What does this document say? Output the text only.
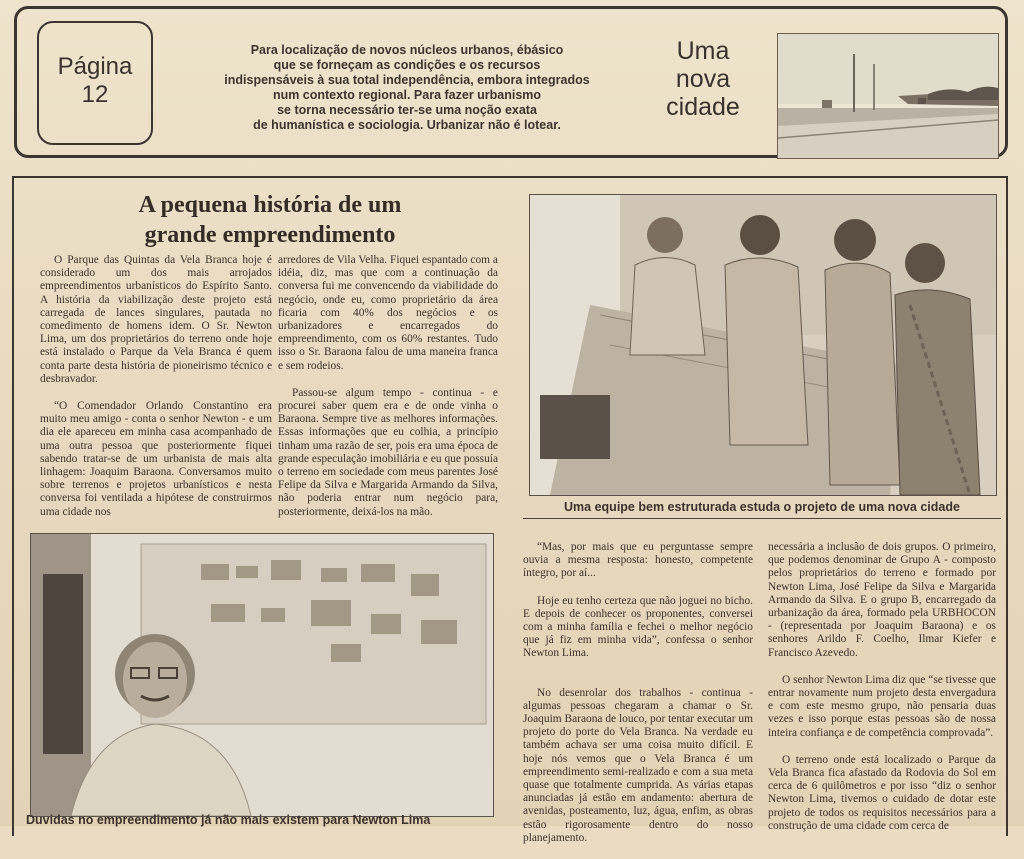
Página
12
Para localização de novos núcleos urbanos, ébásico
que se forneçam as condições e os recursos
indispensáveis à sua total independência, embora integrados
num contexto regional. Para fazer urbanismo
se torna necessário ter-se uma noção exata
de humanística e sociologia. Urbanizar não é lotear.
Uma
nova
cidade
A pequena história de um
grande empreendimento

O Parque das Quintas da Vela Branca hoje é considerado um dos mais arrojados empreendimentos urbanísticos do Espírito Santo. A história da viabilização deste projeto está carregada de lances singulares, pautada no comedimento de homens idem. O Sr. Newton Lima, um dos proprietários do terreno onde hoje está instalado o Parque da Vela Branca é quem conta parte desta história de pioneirismo técnico e desbravador.

“O Comendador Orlando Constantino era muito meu amigo - conta o senhor Newton - e um dia ele apareceu em minha casa acompanhado de uma outra pessoa que posteriormente fiquei sabendo tratar-se de um urbanista de mais alta linhagem: Joaquim Baraona. Conversamos muito sobre terrenos e projetos urbanísticos e nesta conversa foi ventilada a hipótese de construirmos uma cidade nos

arredores de Vila Velha. Fiquei espantado com a idéia, diz, mas que com a continuação da conversa fui me convencendo da viabilidade do negócio, onde eu, como proprietário da área ficaria com 40% dos negócios e os urbanizadores e encarregados do empreendimento, com os 60% restantes. Tudo isso o Sr. Baraona falou de uma maneira franca e sem rodeios.

Passou-se algum tempo - continua - e procurei saber quem era e de onde vinha o Baraona. Sempre tive as melhores informações. Essas informações que eu colhia, a princípio tinham uma razão de ser, pois era uma época de grande especulação imobiliária e eu que possuía o terreno em sociedade com meus parentes José Felipe da Silva e Margarida Armando da Silva, não poderia entrar num negócio para, posteriormente, deixá-los na mão.	Uma equipe bem estruturada estuda o projeto de uma nova cidade
Duvidas no empreendimento já não mais existem para Newton Lima

“Mas, por mais que eu perguntasse sempre ouvia a mesma resposta: honesto, competente íntegro, por aí...

Hoje eu tenho certeza que não joguei no bicho. E depois de conhecer os proponentes, conversei com a minha família e fechei o melhor negócio que já fiz em minha vida”, confessa o senhor Newton Lima.

No desenrolar dos trabalhos - continua - algumas pessoas chegaram a chamar o Sr. Joaquim Baraona de louco, por tentar executar um projeto do porte do Vela Branca. Na verdade eu também achava ser uma coisa muito difícil. E hoje nós vemos que o Vela Branca é um empreendimento semi-realizado e com a sua meta quase que totalmente cumprida. As várias etapas anunciadas já estão em andamento: abertura de avenidas, posteamento, luz, água, enfim, as obras estão rigorosamente dentro do nosso planejamento.

necessária a inclusão de dois grupos. O primeiro, que podemos denominar de Grupo A - composto pelos proprietários do terreno e formado por Newton Lima, José Felipe da Silva e Margarida Armando da Silva. E o grupo B, encarregado da urbanização da área, formado pela URBHOCON - (representada por Joaquim Baraona) e os senhores Arildo F. Coelho, Ilmar Kiefer e Francisco Azevedo.

O senhor Newton Lima diz que “se tivesse que entrar novamente num projeto desta envergadura e com este mesmo grupo, não pensaria duas vezes e isso porque estas pessoas são de nossa inteira confiança e de competência comprovada”.

O terreno onde está localizado o Parque da Vela Branca fica afastado da Rodovia do Sol em cerca de 6 quilômetros e por isso “diz o senhor Newton Lima, tivemos o cuidado de dotar este projeto de todos os requisitos necessários para a construção de uma cidade com cerca de
